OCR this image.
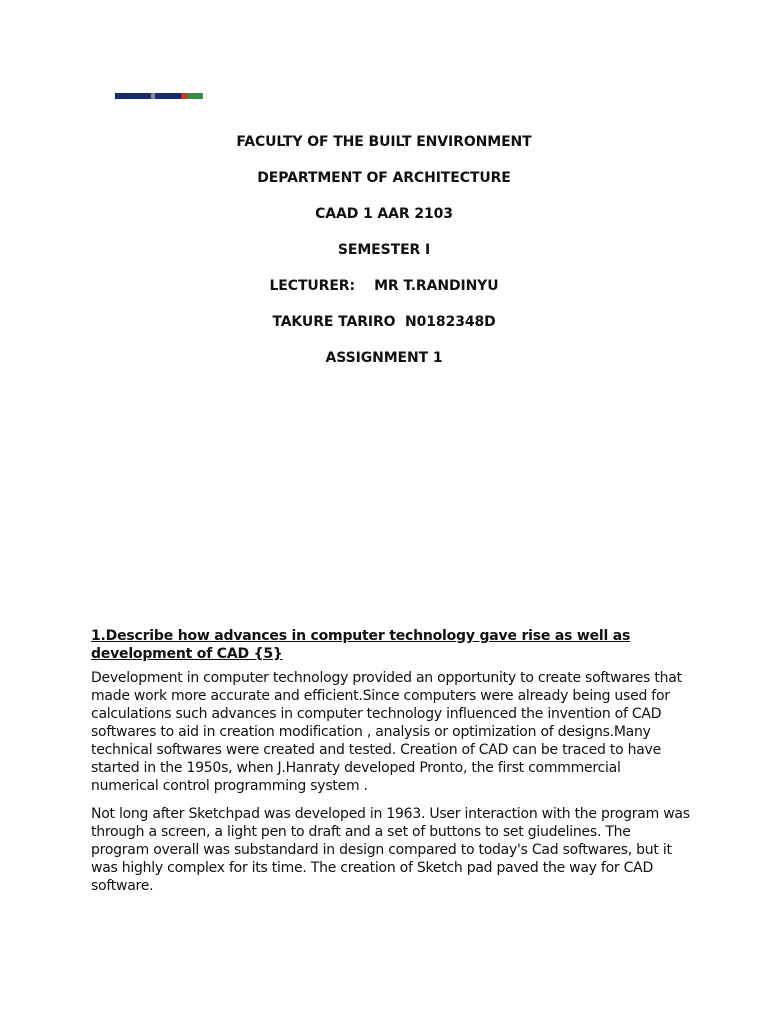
FACULTY OF THE BUILT ENVIRONMENT
DEPARTMENT OF ARCHITECTURE
CAAD 1 AAR 2103
SEMESTER I
LECTURER:    MR T.RANDINYU
TAKURE TARIRO  N0182348D
ASSIGNMENT 1

1.Describe how advances in computer technology gave rise as well as development of CAD {5}

Development in computer technology provided an opportunity to create softwares that made work more accurate and efficient.Since computers were already being used for calculations such advances in computer technology influenced the invention of CAD softwares to aid in creation modification , analysis or optimization of designs.Many technical softwares were created and tested. Creation of CAD can be traced to have started in the 1950s, when J.Hanraty developed Pronto, the first commmercial numerical control programming system .

Not long after Sketchpad was developed in 1963. User interaction with the program was through a screen, a light pen to draft and a set of buttons to set giudelines. The program overall was substandard in design compared to today's Cad softwares, but it was highly complex for its time. The creation of Sketch pad paved the way for CAD software.
